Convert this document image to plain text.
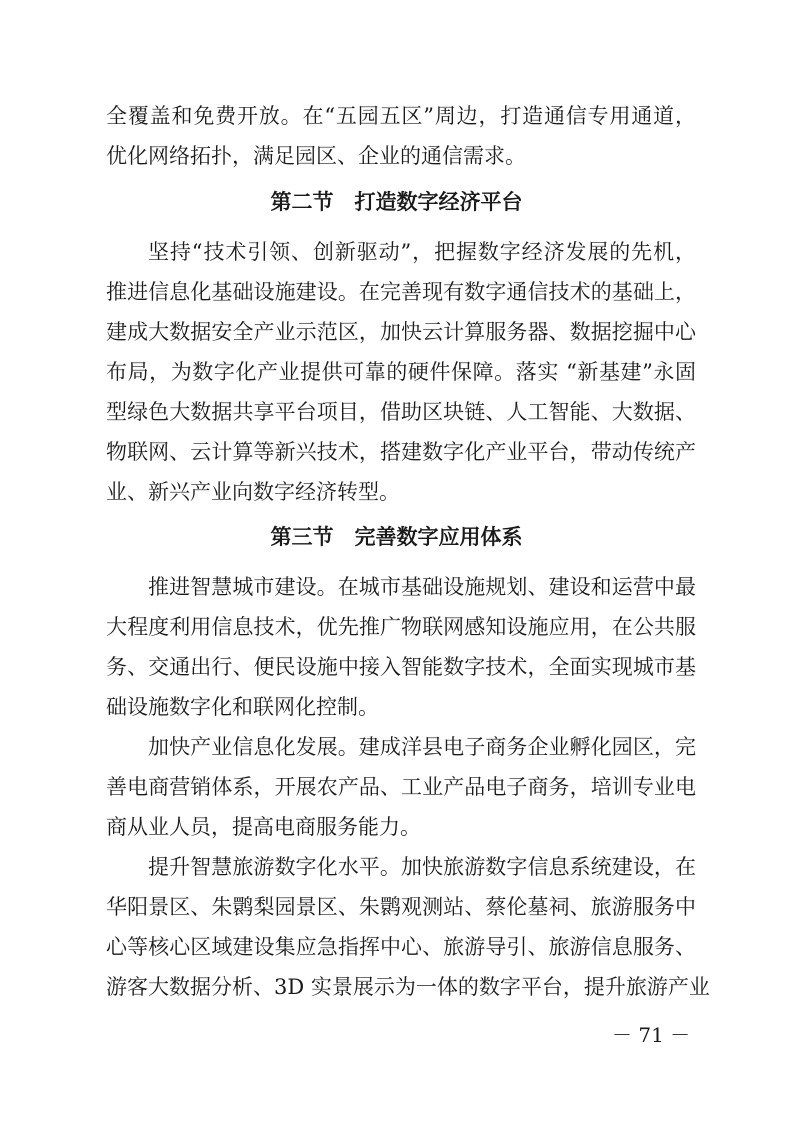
全覆盖和免费开放。在“五园五区”周边，打造通信专用通道，
优化网络拓扑，满足园区、企业的通信需求。
第二节　打造数字经济平台
坚持“技术引领、创新驱动”，把握数字经济发展的先机，
推进信息化基础设施建设。在完善现有数字通信技术的基础上，
建成大数据安全产业示范区，加快云计算服务器、数据挖掘中心
布局，为数字化产业提供可靠的硬件保障。落实 “新基建”永固
型绿色大数据共享平台项目，借助区块链、人工智能、大数据、
物联网、云计算等新兴技术，搭建数字化产业平台，带动传统产
业、新兴产业向数字经济转型。
第三节　完善数字应用体系
推进智慧城市建设。在城市基础设施规划、建设和运营中最
大程度利用信息技术，优先推广物联网感知设施应用，在公共服
务、交通出行、便民设施中接入智能数字技术，全面实现城市基
础设施数字化和联网化控制。
加快产业信息化发展。建成洋县电子商务企业孵化园区，完
善电商营销体系，开展农产品、工业产品电子商务，培训专业电
商从业人员，提高电商服务能力。
提升智慧旅游数字化水平。加快旅游数字信息系统建设，在
华阳景区、朱鹮梨园景区、朱鹮观测站、蔡伦墓祠、旅游服务中
心等核心区域建设集应急指挥中心、旅游导引、旅游信息服务、
游客大数据分析、3D 实景展示为一体的数字平台，提升旅游产业
－ 71 －
